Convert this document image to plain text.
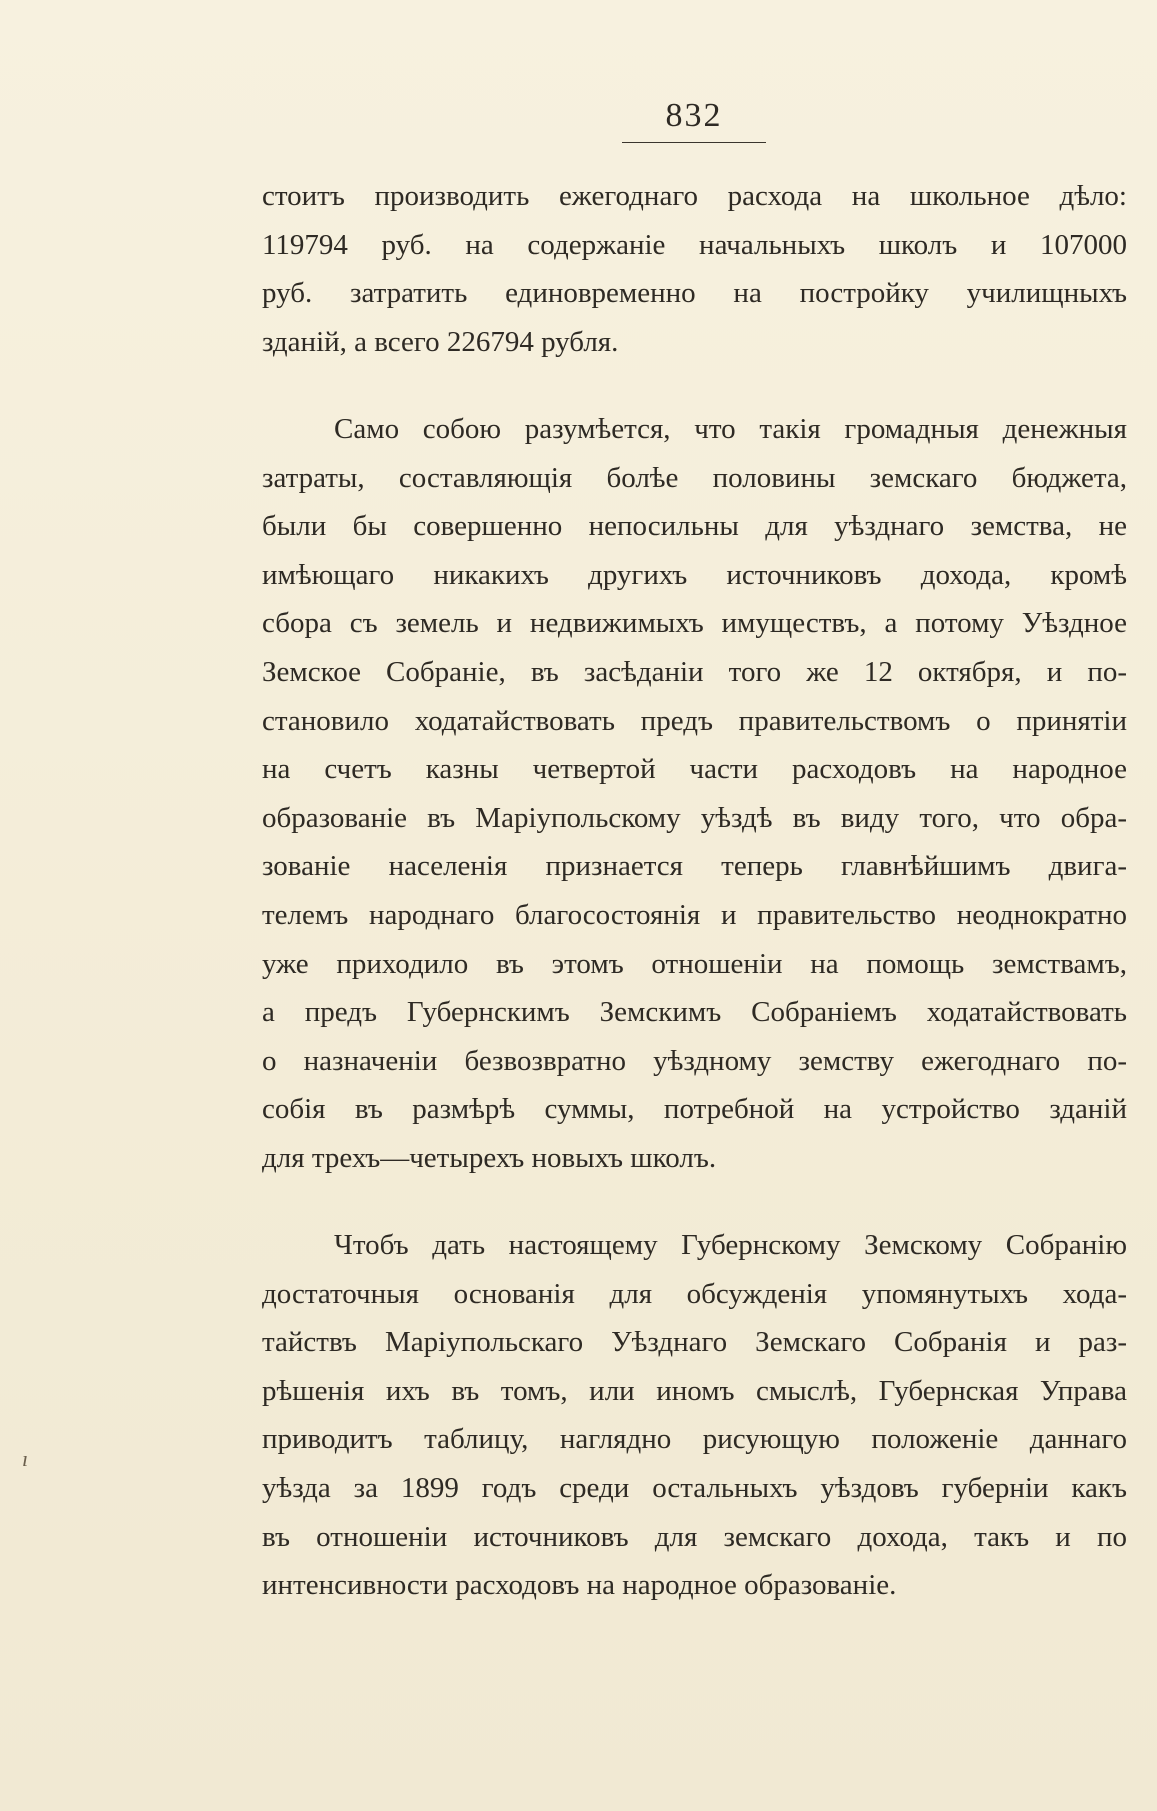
832
стоитъ производить ежегоднаго расхода на школьное дѣло:
119794 руб. на содержаніе начальныхъ школъ и 107000
руб. затратить единовременно на постройку училищныхъ
зданій, а всего 226794 рубля.
Само собою разумѣется, что такія громадныя денежныя
затраты, составляющія болѣе половины земскаго бюджета,
были бы совершенно непосильны для уѣзднаго земства, не
имѣющаго никакихъ другихъ источниковъ дохода, кромѣ
сбора съ земель и недвижимыхъ имуществъ, а потому Уѣздное
Земское Собраніе, въ засѣданіи того же 12 октября, и по-
становило ходатайствовать предъ правительствомъ о принятіи
на счетъ казны четвертой части расходовъ на народное
образованіе въ Маріупольскому уѣздѣ въ виду того, что обра-
зованіе населенія признается теперь главнѣйшимъ двига-
телемъ народнаго благосостоянія и правительство неоднократно
уже приходило въ этомъ отношеніи на помощь земствамъ,
а предъ Губернскимъ Земскимъ Собраніемъ ходатайствовать
о назначеніи безвозвратно уѣздному земству ежегоднаго по-
собія въ размѣрѣ суммы, потребной на устройство зданій
для трехъ—четырехъ новыхъ школъ.
Чтобъ дать настоящему Губернскому Земскому Собранію
достаточныя основанія для обсужденія упомянутыхъ хода-
тайствъ Маріупольскаго Уѣзднаго Земскаго Собранія и раз-
рѣшенія ихъ въ томъ, или иномъ смыслѣ, Губернская Управа
приводитъ таблицу, наглядно рисующую положеніе даннаго
уѣзда за 1899 годъ среди остальныхъ уѣздовъ губерніи какъ
въ отношеніи источниковъ для земскаго дохода, такъ и по
интенсивности расходовъ на народное образованіе.
ı
